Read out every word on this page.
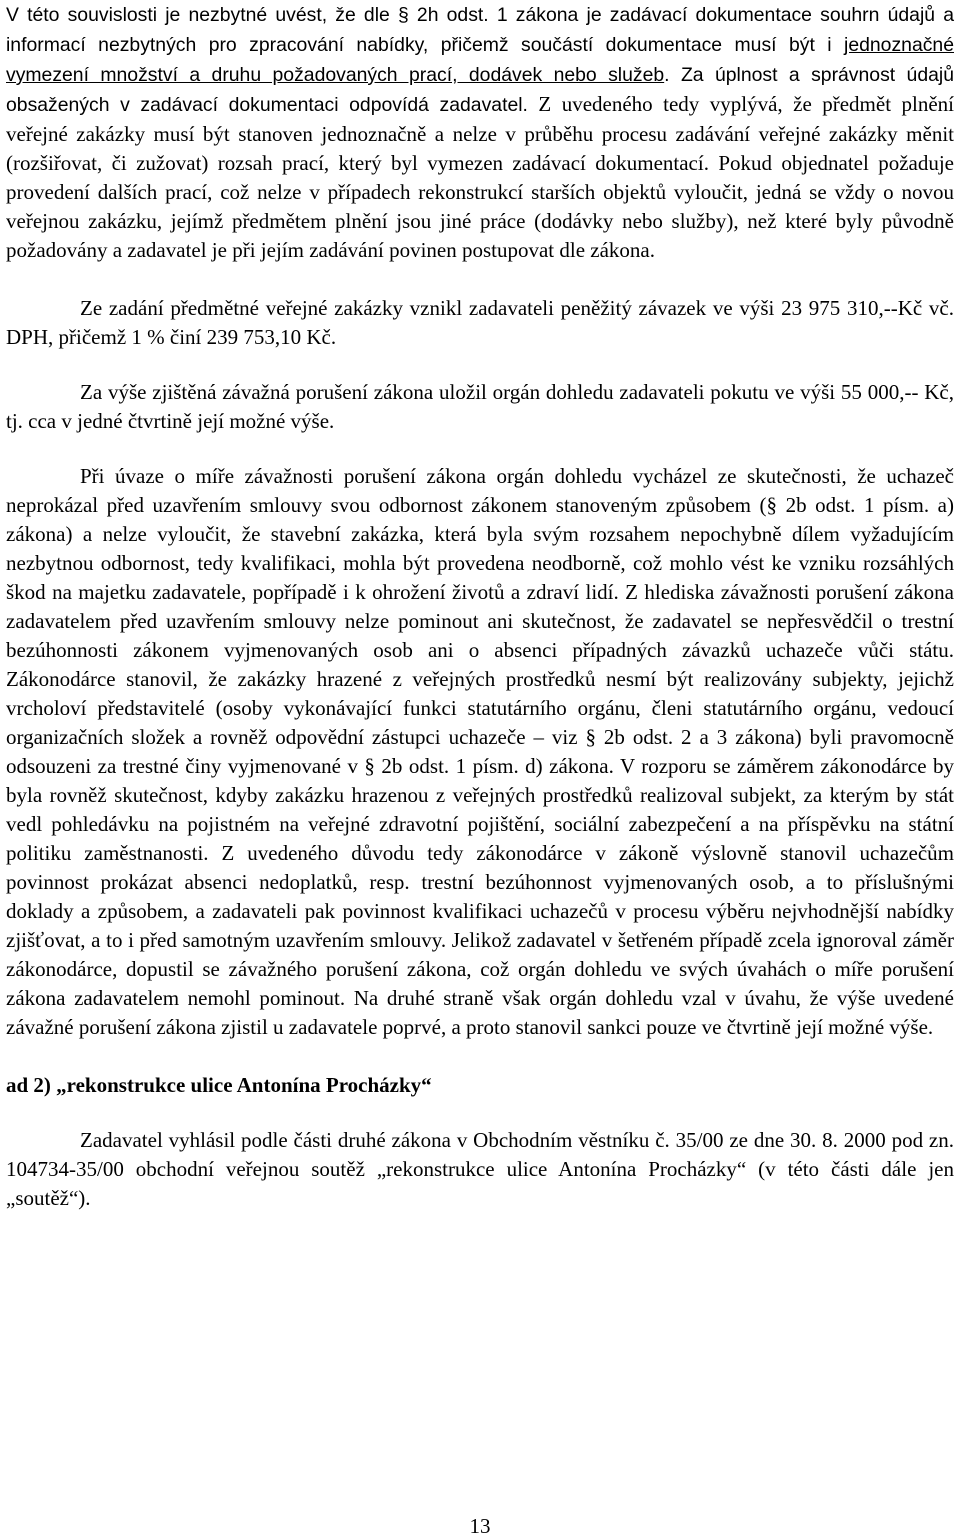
V této souvislosti je nezbytné uvést, že dle § 2h odst. 1 zákona je zadávací dokumentace souhrn údajů a informací nezbytných pro zpracování nabídky, přičemž součástí dokumentace musí být i jednoznačné vymezení množství a druhu požadovaných prací, dodávek nebo služeb. Za úplnost a správnost údajů obsažených v zadávací dokumentaci odpovídá zadavatel. Z uvedeného tedy vyplývá, že předmět plnění veřejné zakázky musí být stanoven jednoznačně a nelze v průběhu procesu zadávání veřejné zakázky měnit (rozšiřovat, či zužovat) rozsah prací, který byl vymezen zadávací dokumentací. Pokud objednatel požaduje provedení dalších prací, což nelze v případech rekonstrukcí starších objektů vyloučit, jedná se vždy o novou veřejnou zakázku, jejímž předmětem plnění jsou jiné práce (dodávky nebo služby), než které byly původně požadovány a zadavatel je při jejím zadávání povinen postupovat dle zákona.

Ze zadání předmětné veřejné zakázky vznikl zadavateli peněžitý závazek ve výši 23 975 310,--Kč vč. DPH, přičemž 1 % činí 239 753,10 Kč.

Za výše zjištěná závažná porušení zákona uložil orgán dohledu zadavateli pokutu ve výši 55 000,-- Kč, tj. cca v jedné čtvrtině její možné výše.

Při úvaze o míře závažnosti porušení zákona orgán dohledu vycházel ze skutečnosti, že uchazeč neprokázal před uzavřením smlouvy svou odbornost zákonem stanoveným způsobem (§ 2b odst. 1 písm. a) zákona) a nelze vyloučit, že stavební zakázka, která byla svým rozsahem nepochybně dílem vyžadujícím nezbytnou odbornost, tedy kvalifikaci, mohla být provedena neodborně, což mohlo vést ke vzniku rozsáhlých škod na majetku zadavatele, popřípadě i k ohrožení životů a zdraví lidí. Z hlediska závažnosti porušení zákona zadavatelem před uzavřením smlouvy nelze pominout ani skutečnost, že zadavatel se nepřesvědčil o trestní bezúhonnosti zákonem vyjmenovaných osob ani o absenci případných závazků uchazeče vůči státu. Zákonodárce stanovil, že zakázky hrazené z veřejných prostředků nesmí být realizovány subjekty, jejichž vrcholoví představitelé (osoby vykonávající funkci statutárního orgánu, členi statutárního orgánu, vedoucí organizačních složek a rovněž odpovědní zástupci uchazeče – viz § 2b odst. 2 a 3 zákona) byli pravomocně odsouzeni za trestné činy vyjmenované v § 2b odst. 1 písm. d) zákona. V rozporu se záměrem zákonodárce by byla rovněž skutečnost, kdyby zakázku hrazenou z veřejných prostředků realizoval subjekt, za kterým by stát vedl pohledávku na pojistném na veřejné zdravotní pojištění, sociální zabezpečení a na příspěvku na státní politiku zaměstnanosti. Z uvedeného důvodu tedy zákonodárce v zákoně výslovně stanovil uchazečům povinnost prokázat absenci nedoplatků, resp. trestní bezúhonnost vyjmenovaných osob, a to příslušnými doklady a způsobem, a zadavateli pak povinnost kvalifikaci uchazečů v procesu výběru nejvhodnější nabídky zjišťovat, a to i před samotným uzavřením smlouvy. Jelikož zadavatel v šetřeném případě zcela ignoroval záměr zákonodárce, dopustil se závažného porušení zákona, což orgán dohledu ve svých úvahách o míře porušení zákona zadavatelem nemohl pominout. Na druhé straně však orgán dohledu vzal v úvahu, že výše uvedené závažné porušení zákona zjistil u zadavatele poprvé, a proto stanovil sankci pouze ve čtvrtině její možné výše.

ad 2) „rekonstrukce ulice Antonína Procházky“

Zadavatel vyhlásil podle části druhé zákona v Obchodním věstníku č. 35/00 ze dne 30. 8. 2000 pod zn. 104734-35/00 obchodní veřejnou soutěž „rekonstrukce ulice Antonína Procházky“ (v této části dále jen „soutěž“).

13
